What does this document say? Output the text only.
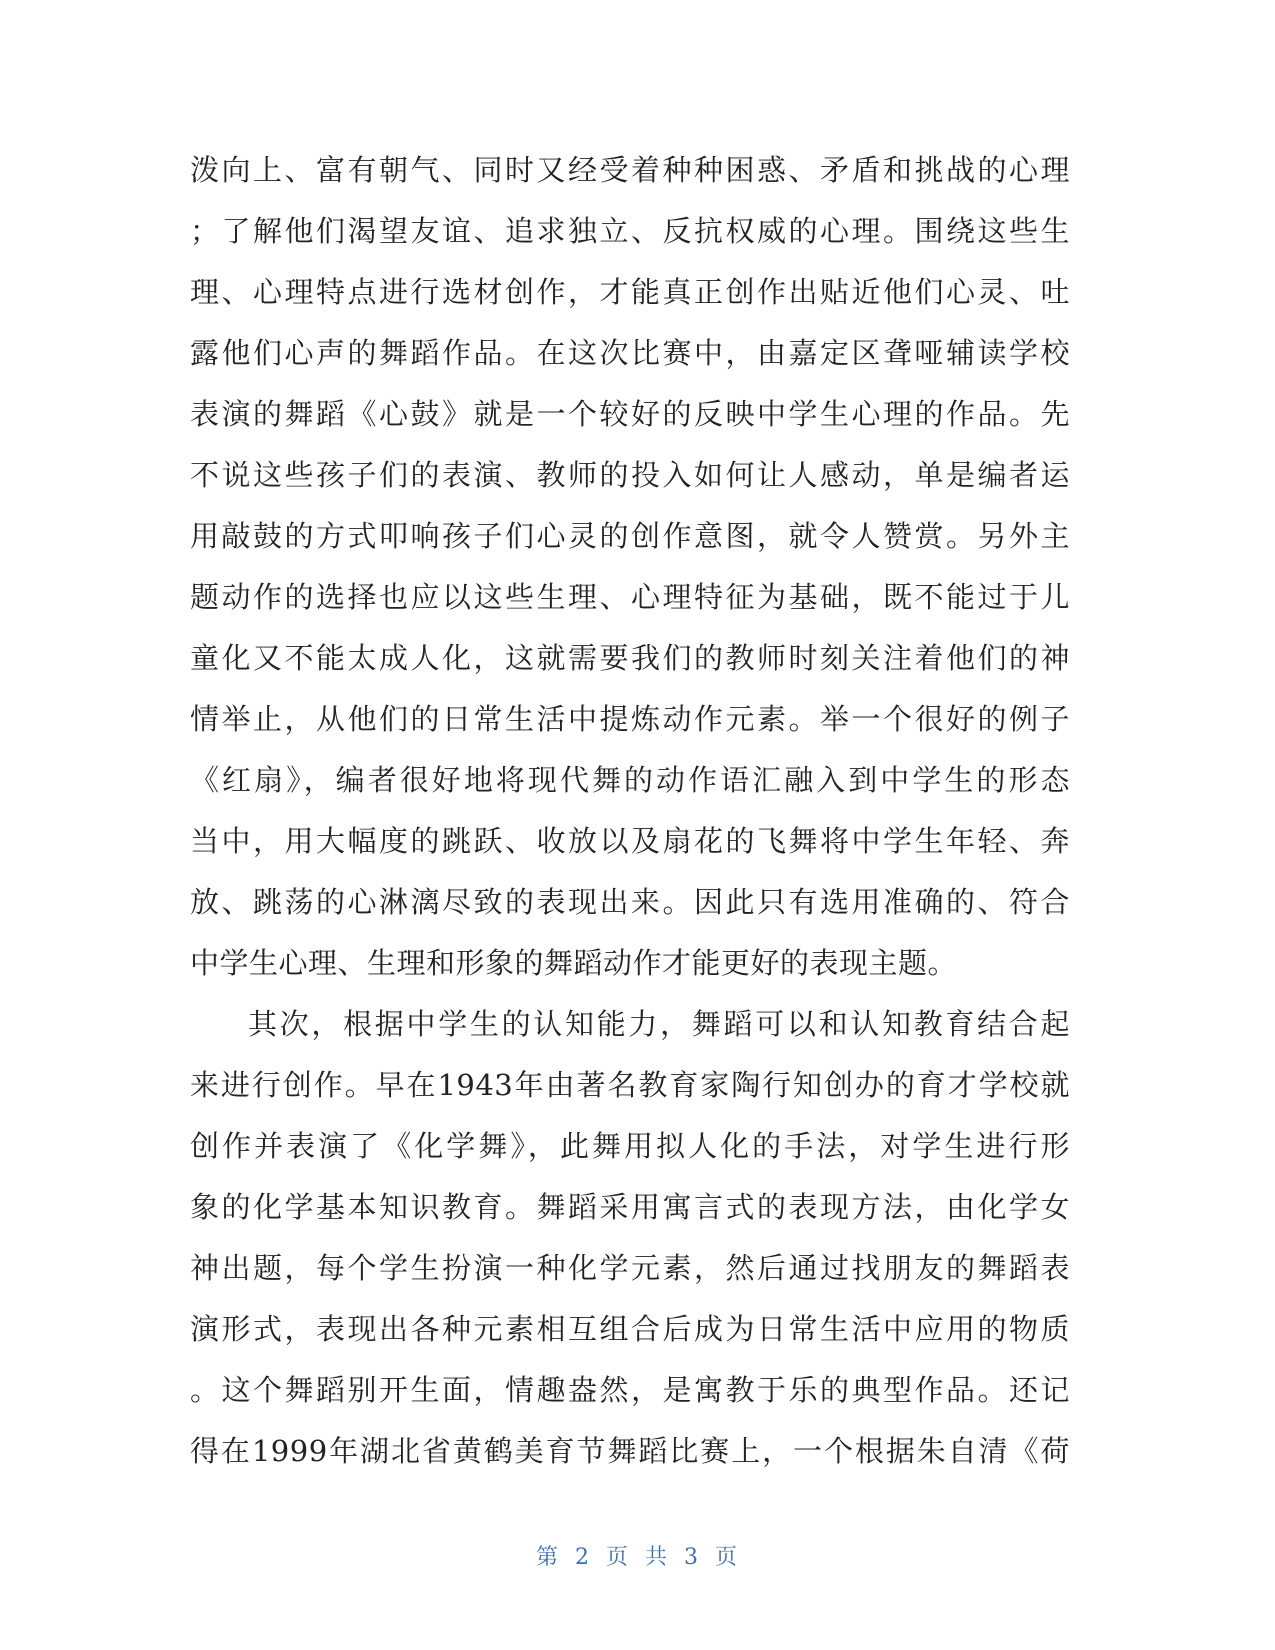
泼向上、富有朝气、同时又经受着种种困惑、矛盾和挑战的心理
；了解他们渴望友谊、追求独立、反抗权威的心理。围绕这些生
理、心理特点进行选材创作，才能真正创作出贴近他们心灵、吐
露他们心声的舞蹈作品。在这次比赛中，由嘉定区聋哑辅读学校
表演的舞蹈《心鼓》就是一个较好的反映中学生心理的作品。先
不说这些孩子们的表演、教师的投入如何让人感动，单是编者运
用敲鼓的方式叩响孩子们心灵的创作意图，就令人赞赏。另外主
题动作的选择也应以这些生理、心理特征为基础，既不能过于儿
童化又不能太成人化，这就需要我们的教师时刻关注着他们的神
情举止，从他们的日常生活中提炼动作元素。举一个很好的例子
《红扇》，编者很好地将现代舞的动作语汇融入到中学生的形态
当中，用大幅度的跳跃、收放以及扇花的飞舞将中学生年轻、奔
放、跳荡的心淋漓尽致的表现出来。因此只有选用准确的、符合
中学生心理、生理和形象的舞蹈动作才能更好的表现主题。
其次，根据中学生的认知能力，舞蹈可以和认知教育结合起
来进行创作。早在1943年由著名教育家陶行知创办的育才学校就
创作并表演了《化学舞》，此舞用拟人化的手法，对学生进行形
象的化学基本知识教育。舞蹈采用寓言式的表现方法，由化学女
神出题，每个学生扮演一种化学元素，然后通过找朋友的舞蹈表
演形式，表现出各种元素相互组合后成为日常生活中应用的物质
。这个舞蹈别开生面，情趣盎然，是寓教于乐的典型作品。还记
得在1999年湖北省黄鹤美育节舞蹈比赛上，一个根据朱自清《荷
第 2 页 共 3 页
